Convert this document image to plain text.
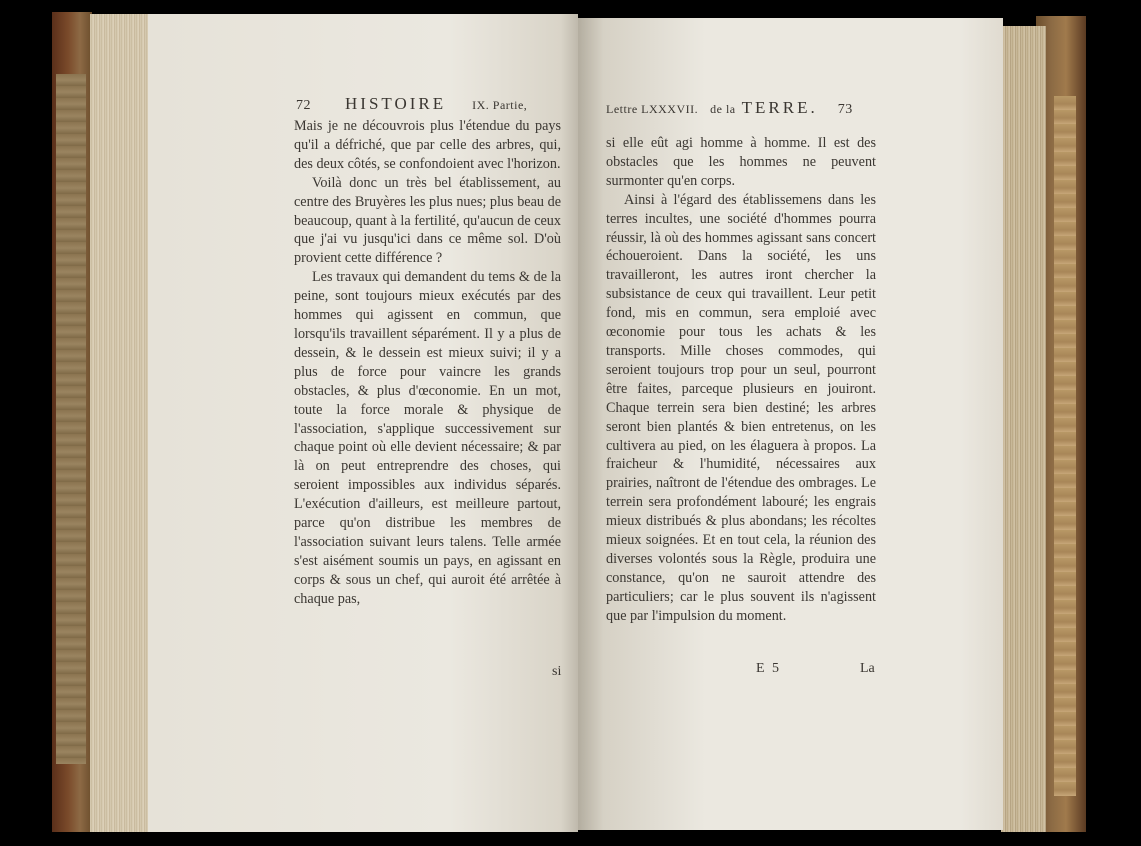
72 HISTOIRE IX. Partie,

Mais je ne découvrois plus l'étendue du pays qu'il a défriché, que par celle des arbres, qui, des deux côtés, se confondoient avec l'horizon.

Voilà donc un très bel établissement, au centre des Bruyères les plus nues; plus beau de beaucoup, quant à la fertilité, qu'aucun de ceux que j'ai vu jusqu'ici dans ce même sol. D'où provient cette différence ?

Les travaux qui demandent du tems & de la peine, sont toujours mieux exécutés par des hommes qui agissent en commun, que lorsqu'ils travaillent séparément. Il y a plus de dessein, & le dessein est mieux suivi; il y a plus de force pour vaincre les grands obstacles, & plus d'œconomie. En un mot, toute la force morale & physique de l'association, s'applique successivement sur chaque point où elle devient nécessaire; & par là on peut entreprendre des choses, qui seroient impossibles aux individus séparés. L'exécution d'ailleurs, est meilleure partout, parce qu'on distribue les membres de l'association suivant leurs talens. Telle armée s'est aisément soumis un pays, en agissant en corps & sous un chef, qui auroit été arrêtée à chaque pas,

si
Lettre LXXXVII. de la TERRE. 73

si elle eût agi homme à homme. Il est des obstacles que les hommes ne peuvent surmonter qu'en corps.

Ainsi à l'égard des établissemens dans les terres incultes, une société d'hommes pourra réussir, là où des hommes agissant sans concert échoueroient. Dans la société, les uns travailleront, les autres iront chercher la subsistance de ceux qui travaillent. Leur petit fond, mis en commun, sera emploié avec œconomie pour tous les achats & les transports. Mille choses commodes, qui seroient toujours trop pour un seul, pourront être faites, parceque plusieurs en jouiront. Chaque terrein sera bien destiné; les arbres seront bien plantés & bien entretenus, on les cultivera au pied, on les élaguera à propos. La fraicheur & l'humidité, nécessaires aux prairies, naîtront de l'étendue des ombrages. Le terrein sera profondément labouré; les engrais mieux distribués & plus abondans; les récoltes mieux soignées. Et en tout cela, la réunion des diverses volontés sous la Règle, produira une constance, qu'on ne sauroit attendre des particuliers; car le plus souvent ils n'agissent que par l'impulsion du moment.

E 5	La
